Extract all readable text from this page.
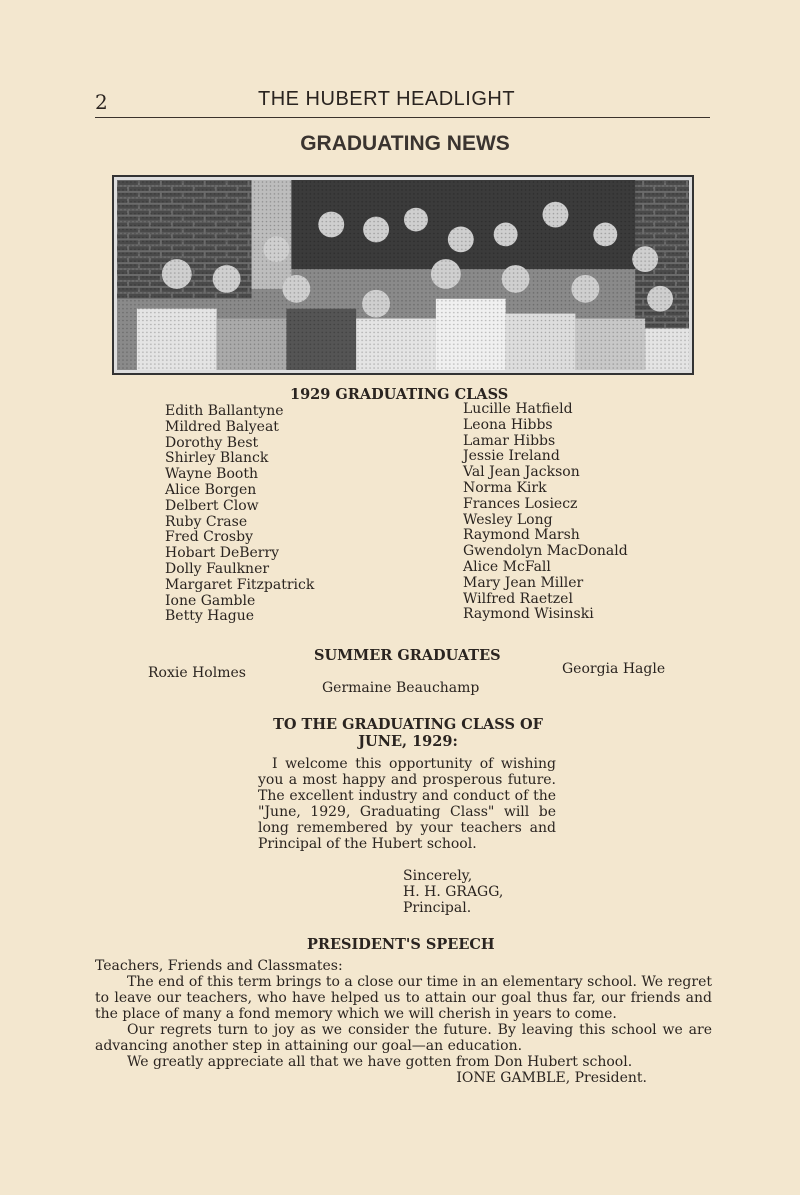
2	THE HUBERT HEADLIGHT
GRADUATING NEWS
1929 GRADUATING CLASS
Edith Ballantyne
Mildred Balyeat
Dorothy Best
Shirley Blanck
Wayne Booth
Alice Borgen
Delbert Clow
Ruby Crase
Fred Crosby
Hobart DeBerry
Dolly Faulkner
Margaret Fitzpatrick
Ione Gamble
Betty Hague
Lucille Hatfield
Leona Hibbs
Lamar Hibbs
Jessie Ireland
Val Jean Jackson
Norma Kirk
Frances Losiecz
Wesley Long
Raymond Marsh
Gwendolyn MacDonald
Alice McFall
Mary Jean Miller
Wilfred Raetzel
Raymond Wisinski
SUMMER GRADUATES
Roxie Holmes	Georgia Hagle
Germaine Beauchamp
TO THE GRADUATING CLASS OF
JUNE, 1929:

I welcome this opportunity of wishing you a most happy and prosperous future. The excellent industry and conduct of the "June, 1929, Graduating Class" will be long remembered by your teachers and Principal of the Hubert school.

Sincerely,
H. H. GRAGG,
Principal.
PRESIDENT'S SPEECH

Teachers, Friends and Classmates:

The end of this term brings to a close our time in an elementary school. We regret to leave our teachers, who have helped us to attain our goal thus far, our friends and the place of many a fond memory which we will cherish in years to come.

Our regrets turn to joy as we consider the future. By leaving this school we are advancing another step in attaining our goal—an education.

We greatly appreciate all that we have gotten from Don Hubert school.

IONE GAMBLE, President.
